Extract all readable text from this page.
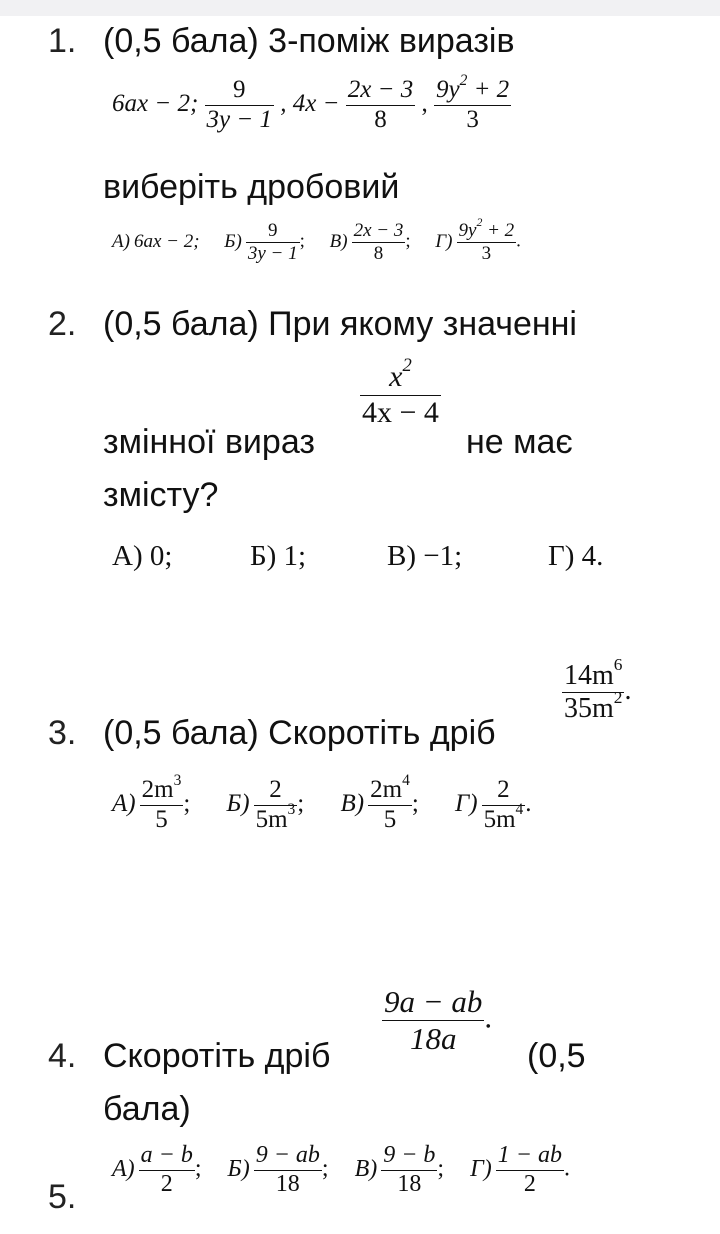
1. (0,5 бала) 3-поміж виразів
6ax − 2; $\frac{9}{3y - 1}$ , $4x - \frac{2x - 3}{8}$ , $\frac{9y^2 + 2}{3}$
виберіть дробовий
А) 6ax − 2; $Б) \frac{9}{3y - 1}$ ; $В) \frac{2x - 3}{8}$ ; $Г) \frac{9y^2 + 2}{3}$ .
2. (0,5 бала) При якому значенні
$\frac{x^2}{4x - 4}$
змінної вираз	не має
змісту?
А) 0;	Б) 1;	В) −1;	Г) 4.
$\frac{14m^6}{35m^2}$ .
3. (0,5 бала) Скоротіть дріб
$А) \frac{2m^3}{5}$ ; $Б) \frac{2}{5m^3}$ ; $В) \frac{2m^4}{5}$ ; $Г) \frac{2}{5m^4}$ .
$\frac{9a - ab}{18a}$ .
4. Скоротіть дріб	(0,5
бала)
$А) \frac{a - b}{2}$ ; $Б) \frac{9 - ab}{18}$ ; $В) \frac{9 - b}{18}$ ; $Г) \frac{1 - ab}{2}$ .
5.
